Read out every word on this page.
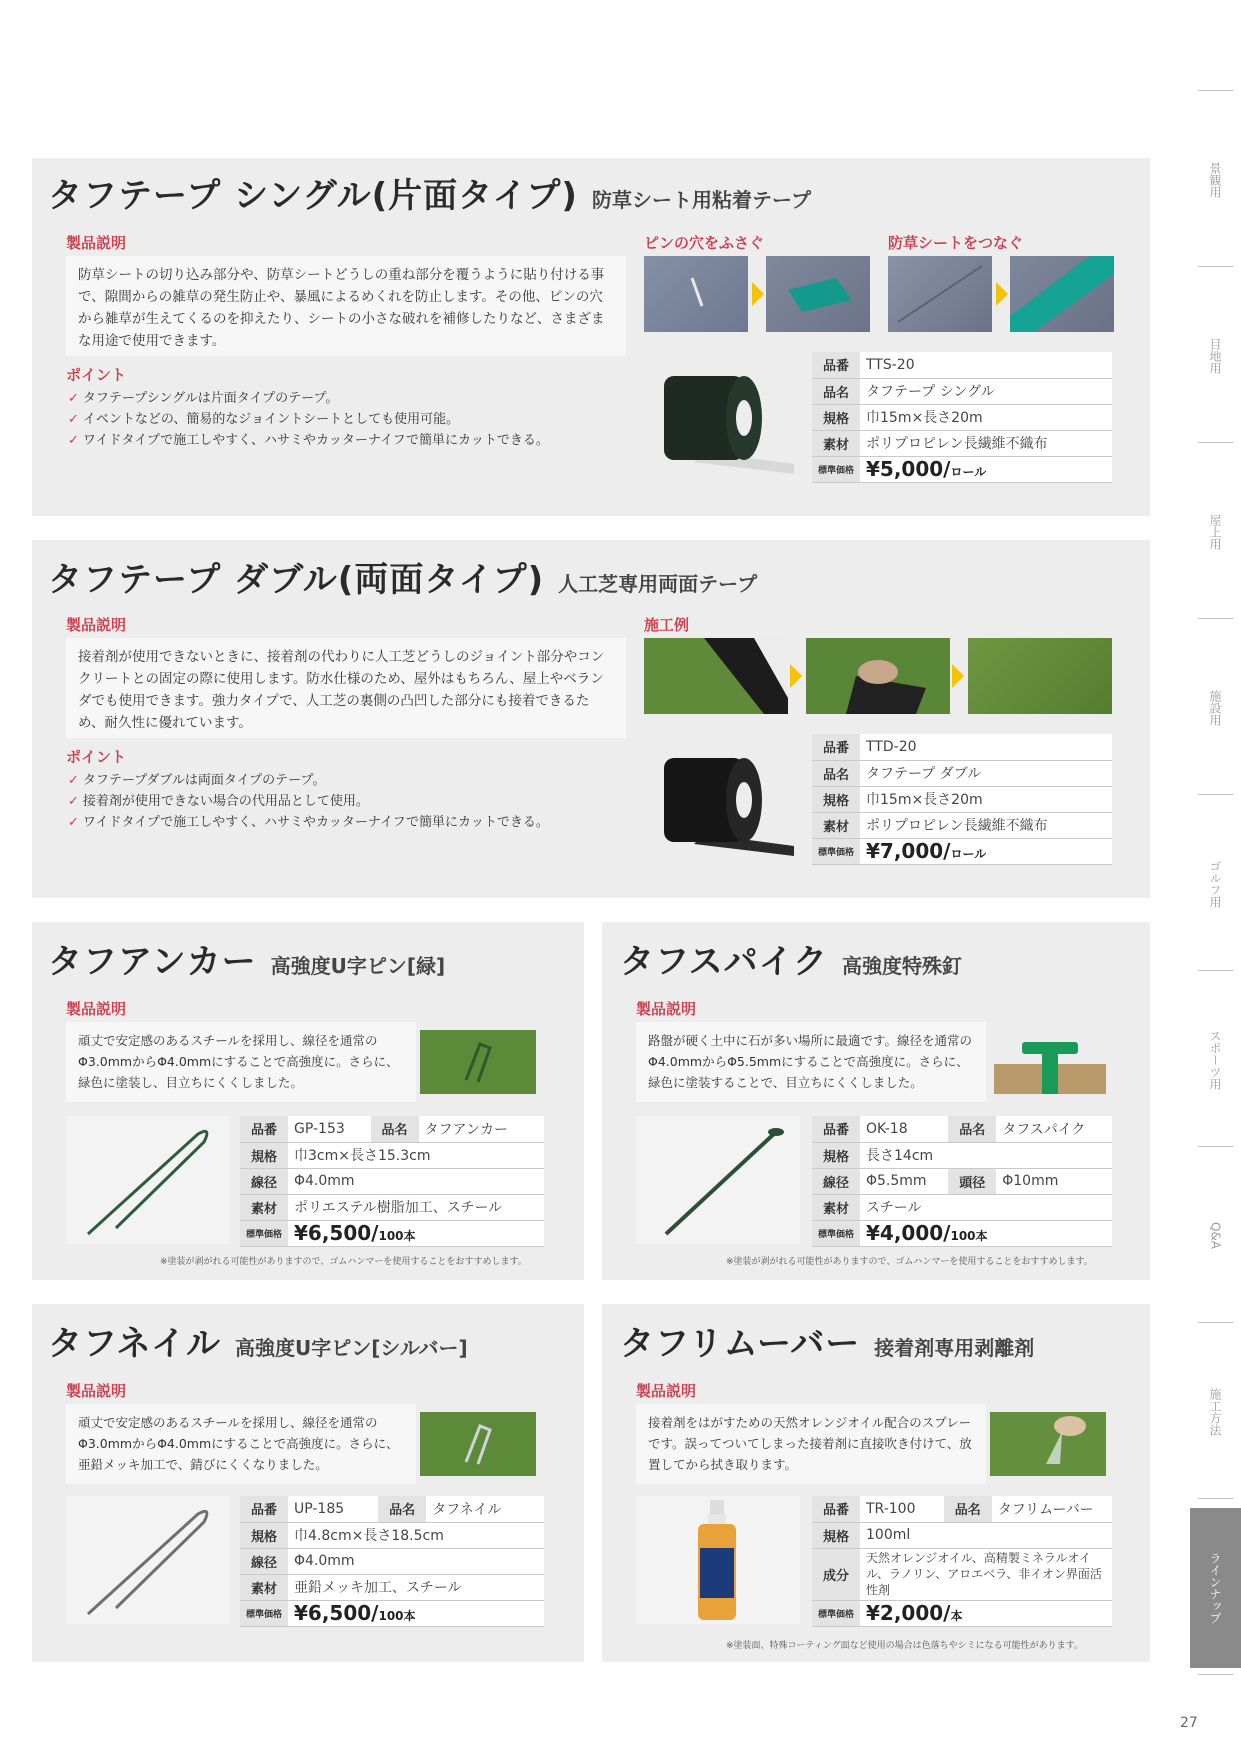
タフテープ シングル(片面タイプ) 防草シート用粘着テープ
製品説明
防草シートの切り込み部分や、防草シートどうしの重ね部分を覆うように貼り付ける事で、隙間からの雑草の発生防止や、暴風によるめくれを防止します。その他、ピンの穴から雑草が生えてくるのを抑えたり、シートの小さな破れを補修したりなど、さまざまな用途で使用できます。
ポイント
✓ タフテープシングルは片面タイプのテープ。
✓ イベントなどの、簡易的なジョイントシートとしても使用可能。
✓ ワイドタイプで施工しやすく、ハサミやカッターナイフで簡単にカットできる。
ピンの穴をふさぐ	防草シートをつなぐ
品番	TTS-20
品名	タフテープ シングル
規格	巾15m×長さ20m
素材	ポリプロピレン長繊維不織布
標準価格	¥5,000/ロール
タフテープ ダブル(両面タイプ) 人工芝専用両面テープ
製品説明
接着剤が使用できないときに、接着剤の代わりに人工芝どうしのジョイント部分やコンクリートとの固定の際に使用します。防水仕様のため、屋外はもちろん、屋上やベランダでも使用できます。強力タイプで、人工芝の裏側の凸凹した部分にも接着できるため、耐久性に優れています。
ポイント
✓ タフテープダブルは両面タイプのテープ。
✓ 接着剤が使用できない場合の代用品として使用。
✓ ワイドタイプで施工しやすく、ハサミやカッターナイフで簡単にカットできる。
施工例
品番	TTD-20
品名	タフテープ ダブル
規格	巾15m×長さ20m
素材	ポリプロピレン長繊維不織布
標準価格	¥7,000/ロール
タフアンカー 高強度U字ピン[緑]
製品説明
頑丈で安定感のあるスチールを採用し、線径を通常のΦ3.0mmからΦ4.0mmにすることで高強度に。さらに、緑色に塗装し、目立ちにくくしました。
品番	GP-153	品名	タフアンカー
規格	巾3cm×長さ15.3cm		
線径	Φ4.0mm		
素材	ポリエステル樹脂加工、スチール		
標準価格	¥6,500/100本		
※塗装が剥がれる可能性がありますので、ゴムハンマーを使用することをおすすめします。
タフスパイク 高強度特殊釘
製品説明
路盤が硬く土中に石が多い場所に最適です。線径を通常のΦ4.0mmからΦ5.5mmにすることで高強度に。さらに、緑色に塗装することで、目立ちにくくしました。
品番	OK-18	品名	タフスパイク
規格	長さ14cm		
線径	Φ5.5mm	頭径	Φ10mm
素材	スチール		
標準価格	¥4,000/100本		
※塗装が剥がれる可能性がありますので、ゴムハンマーを使用することをおすすめします。
タフネイル 高強度U字ピン[シルバー]
製品説明
頑丈で安定感のあるスチールを採用し、線径を通常のΦ3.0mmからΦ4.0mmにすることで高強度に。さらに、亜鉛メッキ加工で、錆びにくくなりました。
品番	UP-185	品名	タフネイル
規格	巾4.8cm×長さ18.5cm		
線径	Φ4.0mm		
素材	亜鉛メッキ加工、スチール		
標準価格	¥6,500/100本		
タフリムーバー 接着剤専用剥離剤
製品説明
接着剤をはがすための天然オレンジオイル配合のスプレーです。誤ってついてしまった接着剤に直接吹き付けて、放置してから拭き取ります。
品番	TR-100	品名	タフリムーバー
規格	100ml		
成分	天然オレンジオイル、高精製ミネラルオイル、ラノリン、アロエベラ、非イオン界面活性剤		
標準価格	¥2,000/本		
※塗装面、特殊コーティング面など使用の場合は色落ちやシミになる可能性があります。
景観用
目地用
屋上用
施設用
ゴルフ用
スポーツ用
Q&A
施工方法
ラインナップ
27
